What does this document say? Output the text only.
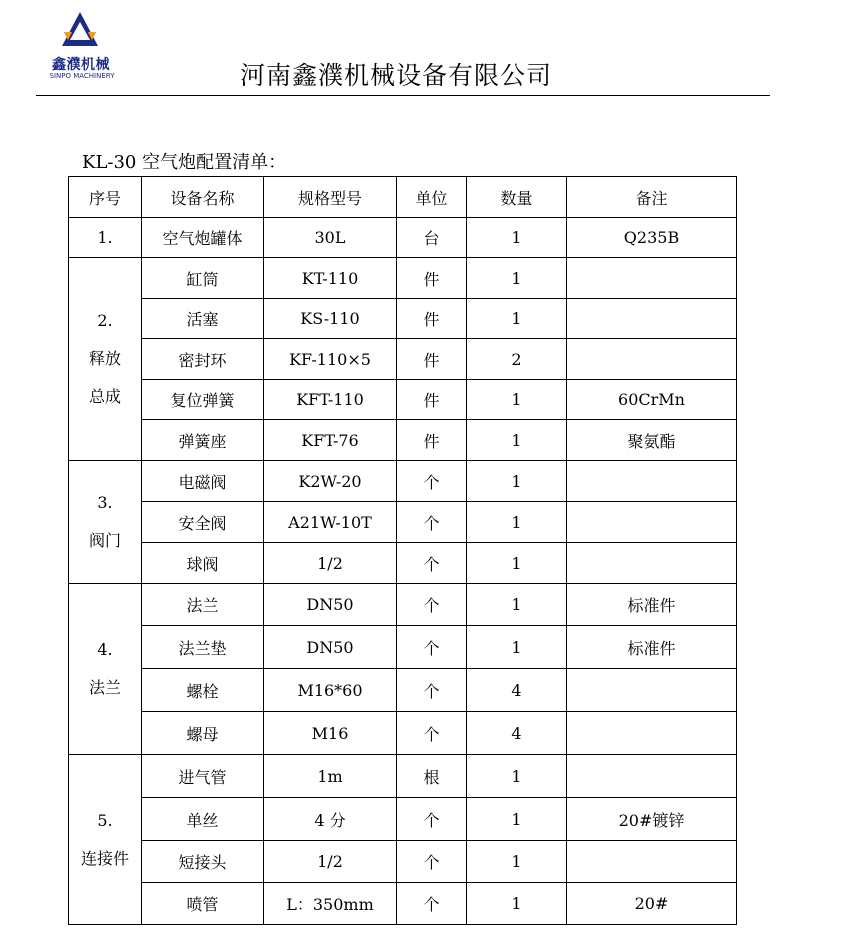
鑫濮机械
SINPO MACHINERY	河南鑫濮机械设备有限公司
KL-30 空气炮配置清单：
序号	设备名称	规格型号	单位	数量	备注

1.	空气炮罐体	30L	台	1	Q235B

2.
释放
总成	缸筒	KT-110	件	1	
	活塞	KS-110	件	1	
	密封环	KF-110×5	件	2	
	复位弹簧	KFT-110	件	1	60CrMn
	弹簧座	KFT-76	件	1	聚氨酯

3.
阀门	电磁阀	K2W-20	个	1	
	安全阀	A21W-10T	个	1	
	球阀	1/2	个	1	

4.
法兰	法兰	DN50	个	1	标准件
	法兰垫	DN50	个	1	标准件
	螺栓	M16*60	个	4	
	螺母	M16	个	4	

5.
连接件	进气管	1m	根	1	
	单丝	4 分	个	1	20#镀锌
	短接头	1/2	个	1	
	喷管	L：350mm	个	1	20#
